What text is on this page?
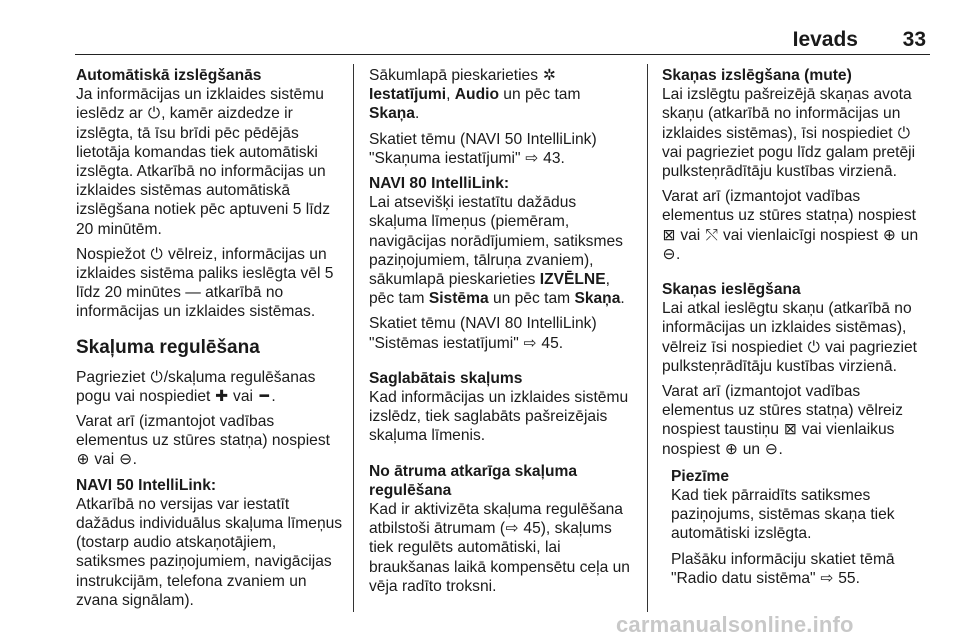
Ievads 33
Automātiskā izslēgšanās

Ja informācijas un izklaides sistēmu ieslēdz ar ⏻, kamēr aizdedze ir izslēgta, tā īsu brīdi pēc pēdējās lietotāja komandas tiek automātiski izslēgta. Atkarībā no informācijas un izklaides sistēmas automātiskā izslēgšana notiek pēc aptuveni 5 līdz 20 minūtēm.

Nospiežot ⏻ vēlreiz, informācijas un izklaides sistēma paliks ieslēgta vēl 5 līdz 20 minūtes — atkarībā no informācijas un izklaides sistēmas.

Skaļuma regulēšana

Pagrieziet ⏻/skaļuma regulēšanas pogu vai nospiediet ✚ vai ━ .

Varat arī (izmantojot vadības elementus uz stūres statņa) nospiest ⊕ vai ⊖.

NAVI 50 IntelliLink:

Atkarībā no versijas var iestatīt dažādus individuālus skaļuma līmeņus (tostarp audio atskaņotājiem, satiksmes paziņojumiem, navigācijas instrukcijām, telefona zvaniem un zvana signālam).

Sākumlapā pieskarieties ✲Iestatījumi, Audio un pēc tam Skaņa.

Skatiet tēmu (NAVI 50 IntelliLink) "Skaņuma iestatījumi" ⇨ 43.

NAVI 80 IntelliLink:

Lai atsevišķi iestatītu dažādus skaļuma līmeņus (piemēram, navigācijas norādījumiem, satiksmes paziņojumiem, tālruņa zvaniem), sākumlapā pieskarieties IZVĒLNE, pēc tam Sistēma un pēc tam Skaņa.

Skatiet tēmu (NAVI 80 IntelliLink) "Sistēmas iestatījumi" ⇨ 45.

Saglabātais skaļums

Kad informācijas un izklaides sistēmu izslēdz, tiek saglabāts pašreizējais skaļuma līmenis.

No ātruma atkarīga skaļuma regulēšana

Kad ir aktivizēta skaļuma regulēšana atbilstoši ātrumam (⇨ 45), skaļums tiek regulēts automātiski, lai braukšanas laikā kompensētu ceļa un vēja radīto troksni.

Skaņas izslēgšana (mute)

Lai izslēgtu pašreizējā skaņas avota skaņu (atkarībā no informācijas un izklaides sistēmas), īsi nospiediet ⏻ vai pagrieziet pogu līdz galam pretēji pulksteņrādītāju kustības virzienā.

Varat arī (izmantojot vadības elementus uz stūres statņa) nospiest ⊠ vai ⤲ vai vienlaicīgi nospiest ⊕ un ⊖.

Skaņas ieslēgšana

Lai atkal ieslēgtu skaņu (atkarībā no informācijas un izklaides sistēmas), vēlreiz īsi nospiediet ⏻ vai pagrieziet pulksteņrādītāju kustības virzienā.

Varat arī (izmantojot vadības elementus uz stūres statņa) vēlreiz nospiest taustiņu ⊠ vai vienlaikus nospiest ⊕ un ⊖.

Piezīme

Kad tiek pārraidīts satiksmes paziņojums, sistēmas skaņa tiek automātiski izslēgta.

Plašāku informāciju skatiet tēmā "Radio datu sistēma" ⇨ 55.

carmanualsonline.info
